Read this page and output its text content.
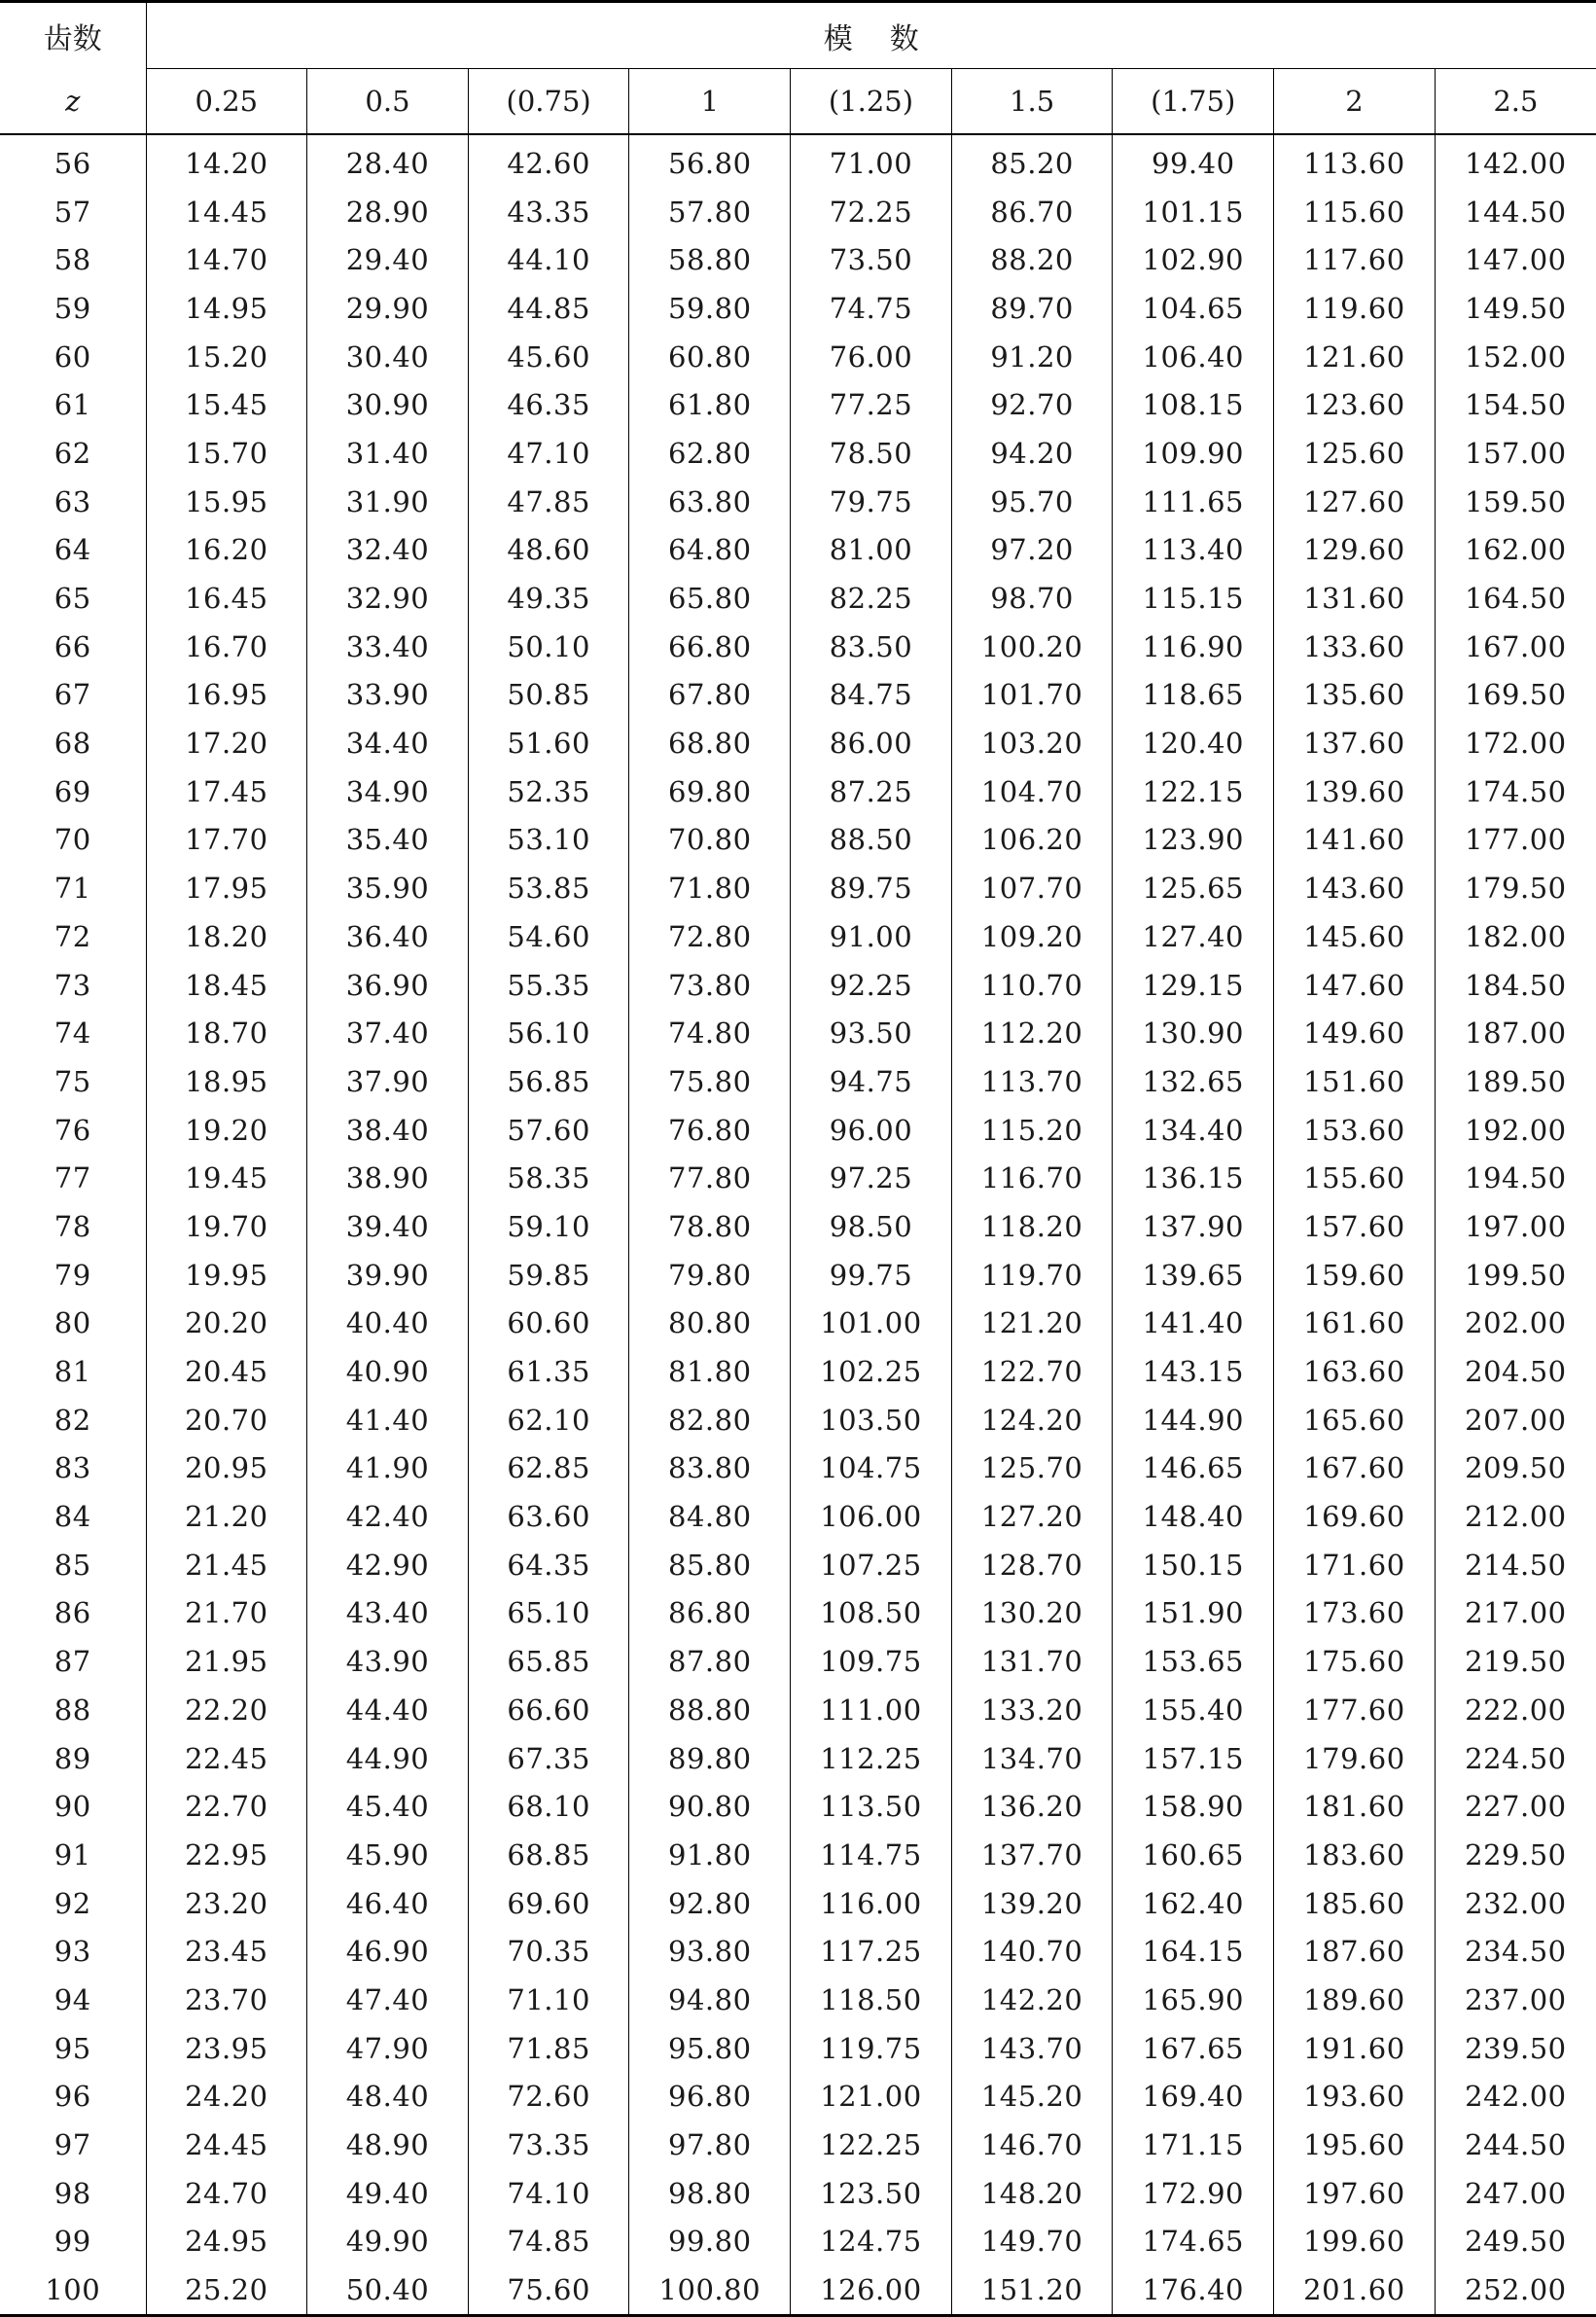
齿数	模数								
z	0.25	0.5	(0.75)	1	(1.25)	1.5	(1.75)	2	2.5
56	14.20	28.40	42.60	56.80	71.00	85.20	99.40	113.60	142.00
57	14.45	28.90	43.35	57.80	72.25	86.70	101.15	115.60	144.50
58	14.70	29.40	44.10	58.80	73.50	88.20	102.90	117.60	147.00
59	14.95	29.90	44.85	59.80	74.75	89.70	104.65	119.60	149.50
60	15.20	30.40	45.60	60.80	76.00	91.20	106.40	121.60	152.00
61	15.45	30.90	46.35	61.80	77.25	92.70	108.15	123.60	154.50
62	15.70	31.40	47.10	62.80	78.50	94.20	109.90	125.60	157.00
63	15.95	31.90	47.85	63.80	79.75	95.70	111.65	127.60	159.50
64	16.20	32.40	48.60	64.80	81.00	97.20	113.40	129.60	162.00
65	16.45	32.90	49.35	65.80	82.25	98.70	115.15	131.60	164.50
66	16.70	33.40	50.10	66.80	83.50	100.20	116.90	133.60	167.00
67	16.95	33.90	50.85	67.80	84.75	101.70	118.65	135.60	169.50
68	17.20	34.40	51.60	68.80	86.00	103.20	120.40	137.60	172.00
69	17.45	34.90	52.35	69.80	87.25	104.70	122.15	139.60	174.50
70	17.70	35.40	53.10	70.80	88.50	106.20	123.90	141.60	177.00
71	17.95	35.90	53.85	71.80	89.75	107.70	125.65	143.60	179.50
72	18.20	36.40	54.60	72.80	91.00	109.20	127.40	145.60	182.00
73	18.45	36.90	55.35	73.80	92.25	110.70	129.15	147.60	184.50
74	18.70	37.40	56.10	74.80	93.50	112.20	130.90	149.60	187.00
75	18.95	37.90	56.85	75.80	94.75	113.70	132.65	151.60	189.50
76	19.20	38.40	57.60	76.80	96.00	115.20	134.40	153.60	192.00
77	19.45	38.90	58.35	77.80	97.25	116.70	136.15	155.60	194.50
78	19.70	39.40	59.10	78.80	98.50	118.20	137.90	157.60	197.00
79	19.95	39.90	59.85	79.80	99.75	119.70	139.65	159.60	199.50
80	20.20	40.40	60.60	80.80	101.00	121.20	141.40	161.60	202.00
81	20.45	40.90	61.35	81.80	102.25	122.70	143.15	163.60	204.50
82	20.70	41.40	62.10	82.80	103.50	124.20	144.90	165.60	207.00
83	20.95	41.90	62.85	83.80	104.75	125.70	146.65	167.60	209.50
84	21.20	42.40	63.60	84.80	106.00	127.20	148.40	169.60	212.00
85	21.45	42.90	64.35	85.80	107.25	128.70	150.15	171.60	214.50
86	21.70	43.40	65.10	86.80	108.50	130.20	151.90	173.60	217.00
87	21.95	43.90	65.85	87.80	109.75	131.70	153.65	175.60	219.50
88	22.20	44.40	66.60	88.80	111.00	133.20	155.40	177.60	222.00
89	22.45	44.90	67.35	89.80	112.25	134.70	157.15	179.60	224.50
90	22.70	45.40	68.10	90.80	113.50	136.20	158.90	181.60	227.00
91	22.95	45.90	68.85	91.80	114.75	137.70	160.65	183.60	229.50
92	23.20	46.40	69.60	92.80	116.00	139.20	162.40	185.60	232.00
93	23.45	46.90	70.35	93.80	117.25	140.70	164.15	187.60	234.50
94	23.70	47.40	71.10	94.80	118.50	142.20	165.90	189.60	237.00
95	23.95	47.90	71.85	95.80	119.75	143.70	167.65	191.60	239.50
96	24.20	48.40	72.60	96.80	121.00	145.20	169.40	193.60	242.00
97	24.45	48.90	73.35	97.80	122.25	146.70	171.15	195.60	244.50
98	24.70	49.40	74.10	98.80	123.50	148.20	172.90	197.60	247.00
99	24.95	49.90	74.85	99.80	124.75	149.70	174.65	199.60	249.50
100	25.20	50.40	75.60	100.80	126.00	151.20	176.40	201.60	252.00
